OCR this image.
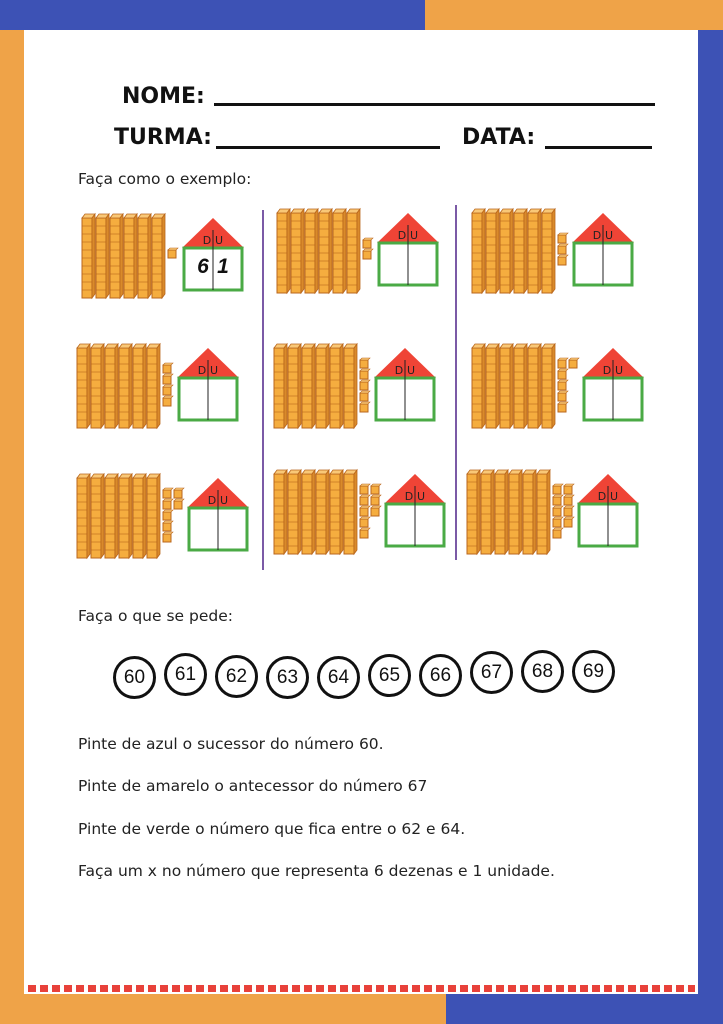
NOME:
TURMA:	DATA:
Faça como o exemplo:
D U
6 1
D U	D U
D U	D U	D U
D U	D U	D U
Faça o que se pede:
60	61	62	63	64	65	66	67	68	69
Pinte de azul o sucessor do número 60.
Pinte de amarelo o antecessor do número 67
Pinte de verde o número que fica entre o 62 e 64.
Faça um x no número que representa 6 dezenas e 1 unidade.
